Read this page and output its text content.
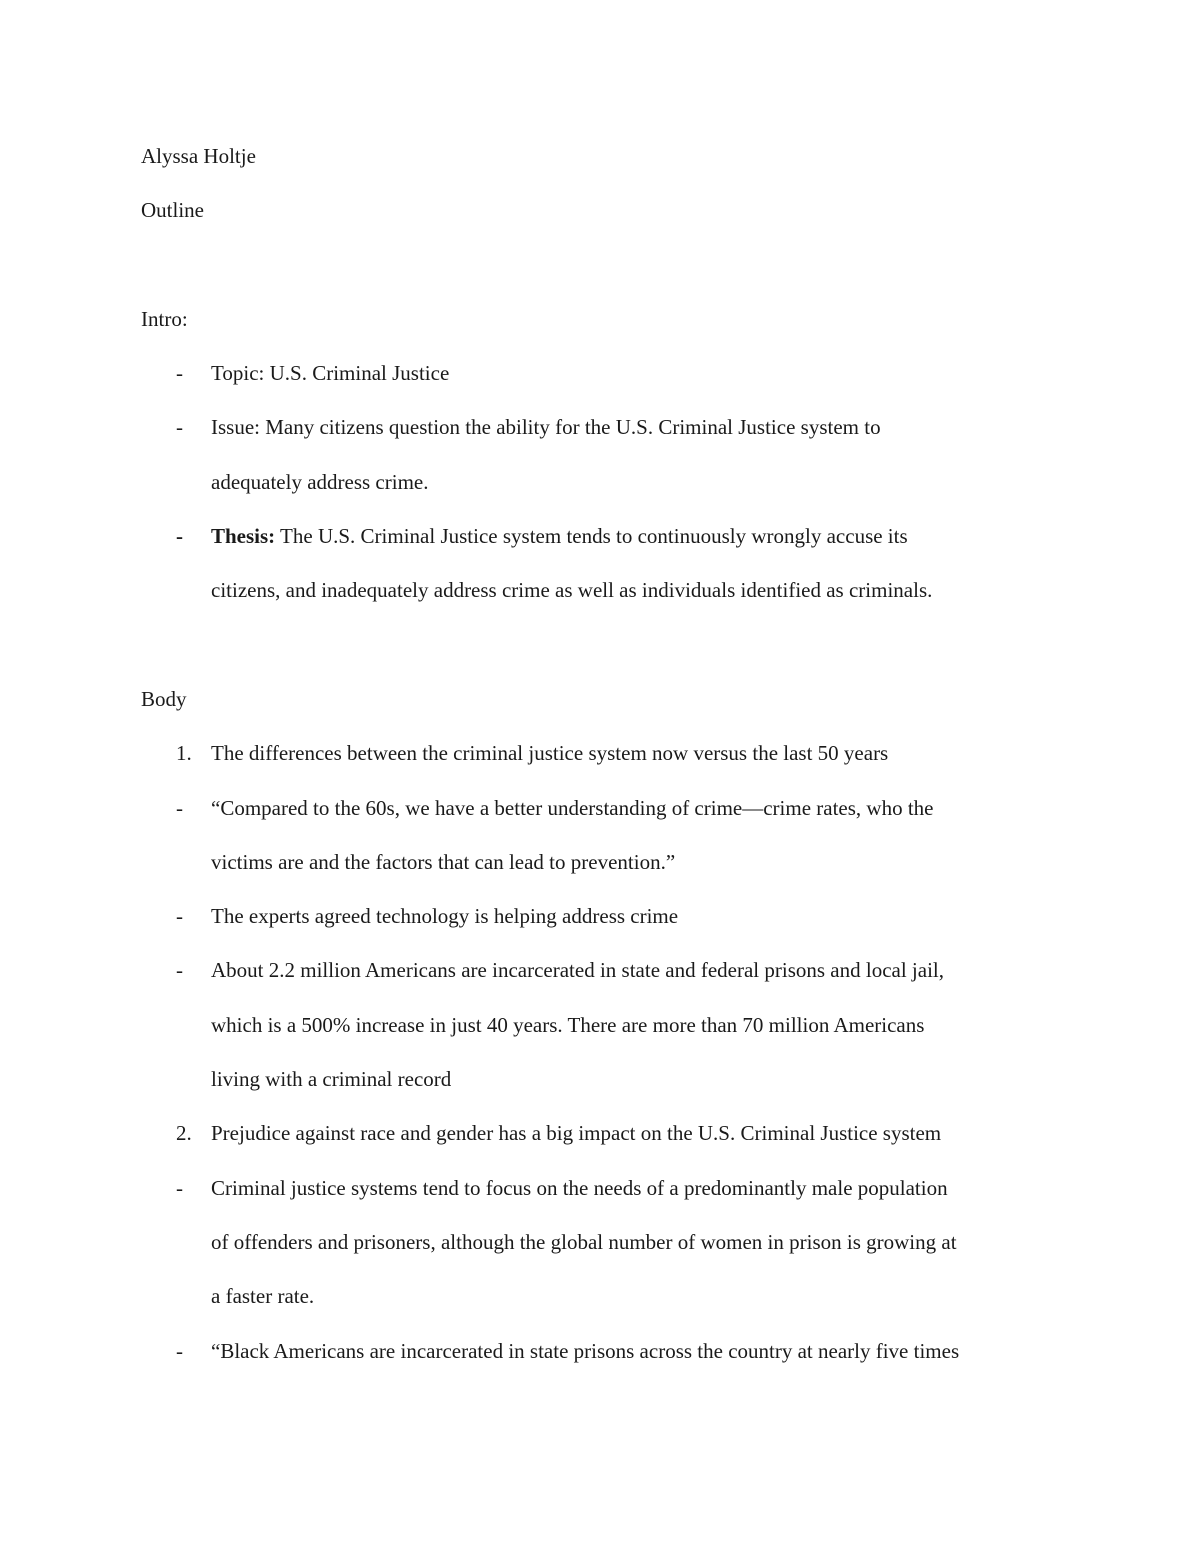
Alyssa Holtje
Outline
Intro:
- Topic: U.S. Criminal Justice
- Issue: Many citizens question the ability for the U.S. Criminal Justice system to
adequately address crime.
- Thesis: The U.S. Criminal Justice system tends to continuously wrongly accuse its
citizens, and inadequately address crime as well as individuals identified as criminals.
Body
1. The differences between the criminal justice system now versus the last 50 years
- “Compared to the 60s, we have a better understanding of crime—crime rates, who the
victims are and the factors that can lead to prevention.”
- The experts agreed technology is helping address crime
- About 2.2 million Americans are incarcerated in state and federal prisons and local jail,
which is a 500% increase in just 40 years. There are more than 70 million Americans
living with a criminal record
2. Prejudice against race and gender has a big impact on the U.S. Criminal Justice system
- Criminal justice systems tend to focus on the needs of a predominantly male population
of offenders and prisoners, although the global number of women in prison is growing at
a faster rate.
- “Black Americans are incarcerated in state prisons across the country at nearly five times
